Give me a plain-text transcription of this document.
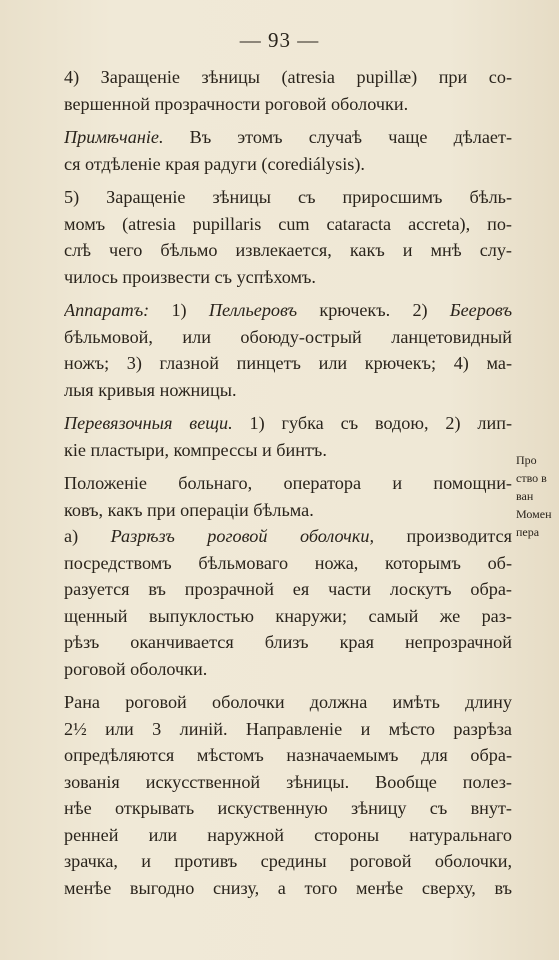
— 93 —
4) Заращеніе зѣницы (atresia pupillæ) при со-
вершенной прозрачности роговой оболочки.
Примѣчаніе. Въ этомъ случаѣ чаще дѣлает-
ся отдѣленіе края радуги (corediálysis).
5) Заращеніе зѣницы съ приросшимъ бѣль-
момъ (atresia pupillaris cum cataracta accreta), по-
слѣ чего бѣльмо извлекается, какъ и мнѣ слу-
чилось произвести съ успѣхомъ.
Аппаратъ: 1) Пелльеровъ крючекъ. 2) Бееровъ
бѣльмовой, или обоюду-острый ланцетовидный
ножъ; 3) глазной пинцетъ или крючекъ; 4) ма-
лыя кривыя ножницы.
Перевязочныя вещи. 1) губка съ водою, 2) лип-
кіе пластыри, компрессы и бинтъ.
Положеніе больнаго, оператора и помощни-
ковъ, какъ при операціи бѣльма.
а) Разрѣзъ роговой оболочки, производится
посредствомъ бѣльмоваго ножа, которымъ об-
разуется въ прозрачной ея части лоскутъ обра-
щенный выпуклостью кнаружи; самый же раз-
рѣзъ оканчивается близъ края непрозрачной
роговой оболочки.
Рана роговой оболочки должна имѣть длину
2½ или 3 линій. Направленіе и мѣсто разрѣза
опредѣляются мѣстомъ назначаемымъ для обра-
зованія искусственной зѣницы. Вообще полез-
нѣе открывать искуственную зѣницу съ внут-
ренней или наружной стороны натуральнаго
зрачка, и противъ средины роговой оболочки,
менѣе выгодно снизу, а того менѣе сверху, въ
Про
ство в
ван
Момен
пера
